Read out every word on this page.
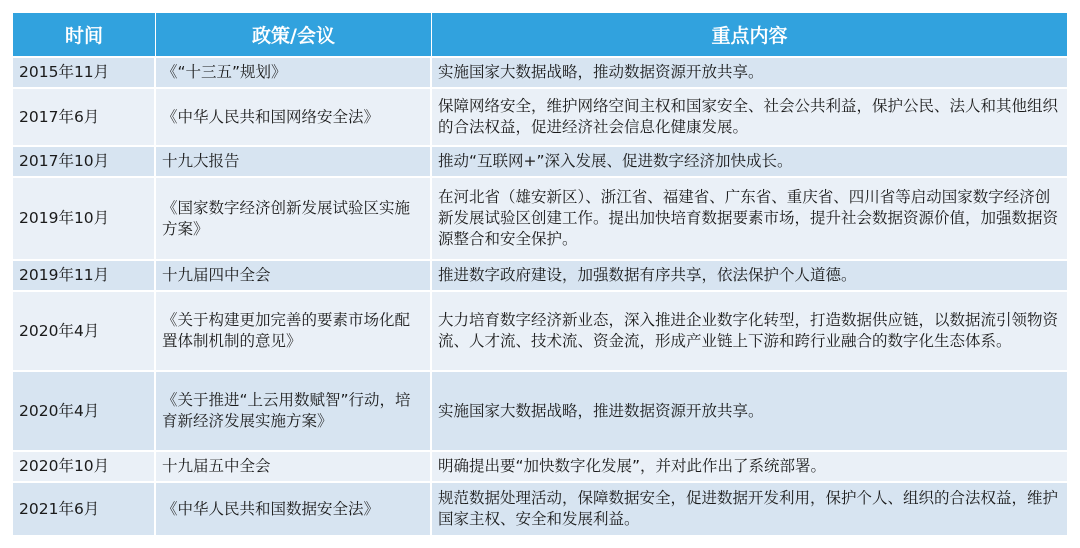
时间	政策/会议	重点内容
2015年11月	《“十三五”规划》	实施国家大数据战略，推动数据资源开放共享。
2017年6月	《中华人民共和国网络安全法》	保障网络安全，维护网络空间主权和国家安全、社会公共利益，保护公民、法人和其他组织的合法权益，促进经济社会信息化健康发展。
2017年10月	十九大报告	推动“互联网+”深入发展、促进数字经济加快成长。
2019年10月	《国家数字经济创新发展试验区实施方案》	在河北省（雄安新区）、浙江省、福建省、广东省、重庆省、四川省等启动国家数字经济创新发展试验区创建工作。提出加快培育数据要素市场，提升社会数据资源价值，加强数据资源整合和安全保护。
2019年11月	十九届四中全会	推进数字政府建设，加强数据有序共享，依法保护个人道德。
2020年4月	《关于构建更加完善的要素市场化配置体制机制的意见》	大力培育数字经济新业态，深入推进企业数字化转型，打造数据供应链，以数据流引领物资流、人才流、技术流、资金流，形成产业链上下游和跨行业融合的数字化生态体系。
2020年4月	《关于推进“上云用数赋智”行动，培育新经济发展实施方案》	实施国家大数据战略，推进数据资源开放共享。
2020年10月	十九届五中全会	明确提出要“加快数字化发展”，并对此作出了系统部署。
2021年6月	《中华人民共和国数据安全法》	规范数据处理活动，保障数据安全，促进数据开发利用，保护个人、组织的合法权益，维护国家主权、安全和发展利益。
